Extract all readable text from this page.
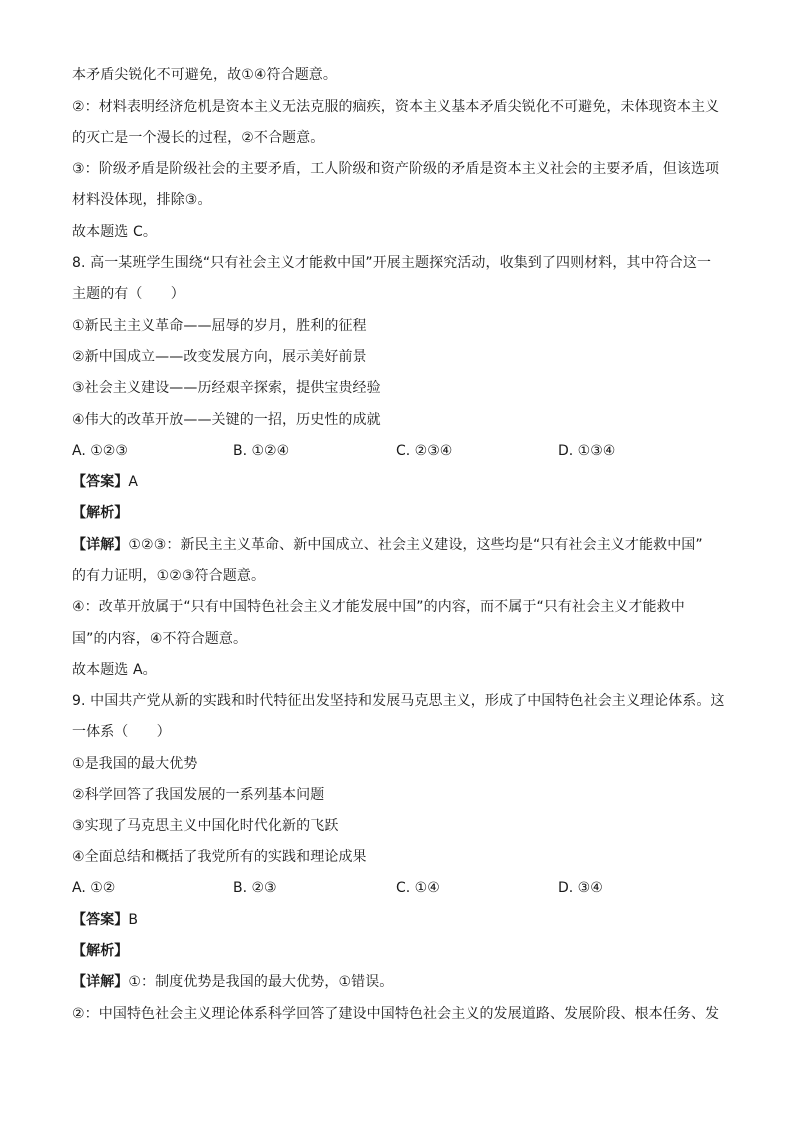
本矛盾尖锐化不可避免，故①④符合题意。
②：材料表明经济危机是资本主义无法克服的痼疾，资本主义基本矛盾尖锐化不可避免，未体现资本主义
的灭亡是一个漫长的过程，②不合题意。
③：阶级矛盾是阶级社会的主要矛盾，工人阶级和资产阶级的矛盾是资本主义社会的主要矛盾，但该选项
材料没体现，排除③。
故本题选 C。
8. 高一某班学生围绕“只有社会主义才能救中国”开展主题探究活动，收集到了四则材料，其中符合这一
主题的有（　　）
①新民主主义革命——屈辱的岁月，胜利的征程
②新中国成立——改变发展方向，展示美好前景
③社会主义建设——历经艰辛探索，提供宝贵经验
④伟大的改革开放——关键的一招，历史性的成就
A. ①②③	B. ①②④	C. ②③④	D. ①③④
【答案】A
【解析】
【详解】①②③：新民主主义革命、新中国成立、社会主义建设，这些均是“只有社会主义才能救中国”
的有力证明，①②③符合题意。
④：改革开放属于“只有中国特色社会主义才能发展中国”的内容，而不属于“只有社会主义才能救中
国”的内容，④不符合题意。
故本题选 A。
9. 中国共产党从新的实践和时代特征出发坚持和发展马克思主义，形成了中国特色社会主义理论体系。这
一体系（　　）
①是我国的最大优势
②科学回答了我国发展的一系列基本问题
③实现了马克思主义中国化时代化新的飞跃
④全面总结和概括了我党所有的实践和理论成果
A. ①②	B. ②③	C. ①④	D. ③④
【答案】B
【解析】
【详解】①：制度优势是我国的最大优势，①错误。
②：中国特色社会主义理论体系科学回答了建设中国特色社会主义的发展道路、发展阶段、根本任务、发
